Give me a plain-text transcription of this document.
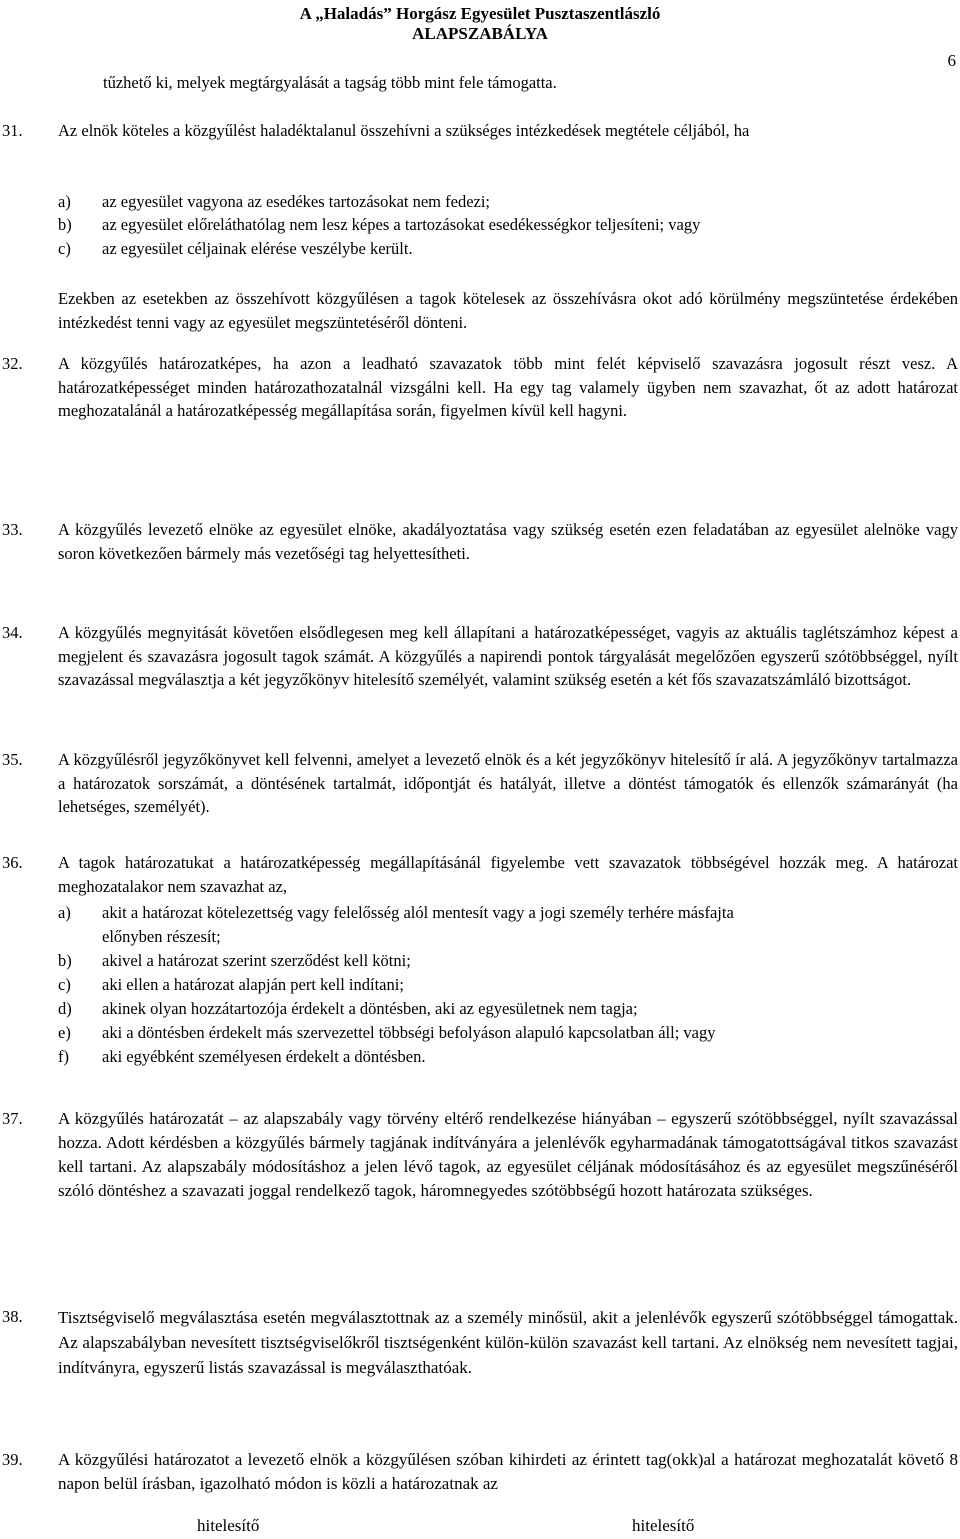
A „Haladás” Horgász Egyesület Pusztaszentlászló
ALAPSZABÁLYA
6
tűzhető ki, melyek megtárgyalását a tagság több mint fele támogatta.
31. Az elnök köteles a közgyűlést haladéktalanul összehívni a szükséges intézkedések megtétele céljából, ha
a) az egyesület vagyona az esedékes tartozásokat nem fedezi;
b) az egyesület előreláthatólag nem lesz képes a tartozásokat esedékességkor teljesíteni; vagy
c) az egyesület céljainak elérése veszélybe került.
Ezekben az esetekben az összehívott közgyűlésen a tagok kötelesek az összehívásra okot adó körülmény megszüntetése érdekében intézkedést tenni vagy az egyesület megszüntetéséről dönteni.
32. A közgyűlés határozatképes, ha azon a leadható szavazatok több mint felét képviselő szavazásra jogosult részt vesz. A határozatképességet minden határozathozatalnál vizsgálni kell. Ha egy tag valamely ügyben nem szavazhat, őt az adott határozat meghozatalánál a határozatképesség megállapítása során, figyelmen kívül kell hagyni.
33. A közgyűlés levezető elnöke az egyesület elnöke, akadályoztatása vagy szükség esetén ezen feladatában az egyesület alelnöke vagy soron következően bármely más vezetőségi tag helyettesítheti.
34. A közgyűlés megnyitását követően elsődlegesen meg kell állapítani a határozatképességet, vagyis az aktuális taglétszámhoz képest a megjelent és szavazásra jogosult tagok számát. A közgyűlés a napirendi pontok tárgyalását megelőzően egyszerű szótöbbséggel, nyílt szavazással megválasztja a két jegyzőkönyv hitelesítő személyét, valamint szükség esetén a két fős szavazatszámláló bizottságot.
35. A közgyűlésről jegyzőkönyvet kell felvenni, amelyet a levezető elnök és a két jegyzőkönyv hitelesítő ír alá. A jegyzőkönyv tartalmazza a határozatok sorszámát, a döntésének tartalmát, időpontját és hatályát, illetve a döntést támogatók és ellenzők számarányát (ha lehetséges, személyét).
36. A tagok határozatukat a határozatképesség megállapításánál figyelembe vett szavazatok többségével hozzák meg. A határozat meghozatalakor nem szavazhat az,
a) akit a határozat kötelezettség vagy felelősség alól mentesít vagy a jogi személy terhére másfajta
előnyben részesít;
b) akivel a határozat szerint szerződést kell kötni;
c) aki ellen a határozat alapján pert kell indítani;
d) akinek olyan hozzátartozója érdekelt a döntésben, aki az egyesületnek nem tagja;
e) aki a döntésben érdekelt más szervezettel többségi befolyáson alapuló kapcsolatban áll; vagy
f) aki egyébként személyesen érdekelt a döntésben.
37. A közgyűlés határozatát – az alapszabály vagy törvény eltérő rendelkezése hiányában – egyszerű szótöbbséggel, nyílt szavazással hozza. Adott kérdésben a közgyűlés bármely tagjának indítványára a jelenlévők egyharmadának támogatottságával titkos szavazást kell tartani. Az alapszabály módosításhoz a jelen lévő tagok, az egyesület céljának módosításához és az egyesület megszűnéséről szóló döntéshez a szavazati joggal rendelkező tagok, háromnegyedes szótöbbségű hozott határozata szükséges.
38. Tisztségviselő megválasztása esetén megválasztottnak az a személy minősül, akit a jelenlévők egyszerű szótöbbséggel támogattak. Az alapszabályban nevesített tisztségviselőkről tisztségenként külön-külön szavazást kell tartani. Az elnökség nem nevesített tagjai, indítványra, egyszerű listás szavazással is megválaszthatóak.
39. A közgyűlési határozatot a levezető elnök a közgyűlésen szóban kihirdeti az érintett tag(okk)al a határozat meghozatalát követő 8 napon belül írásban, igazolható módon is közli a határozatnak az
hitelesítő	hitelesítő
